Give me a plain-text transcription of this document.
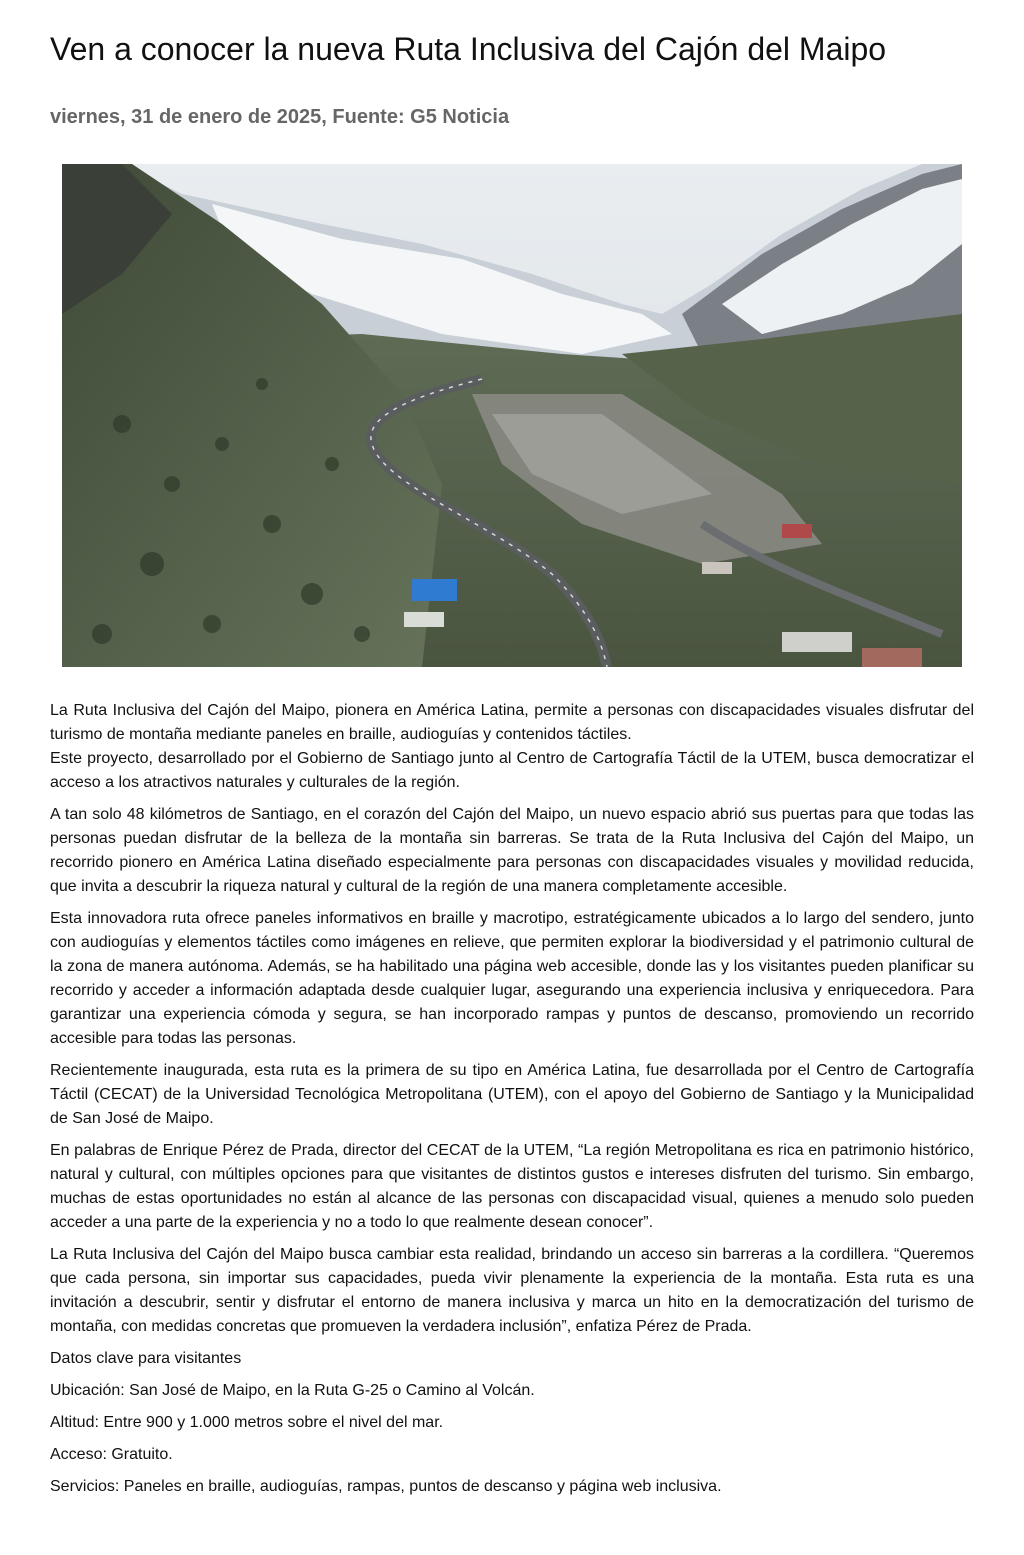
Ven a conocer la nueva Ruta Inclusiva del Cajón del Maipo
viernes, 31 de enero de 2025, Fuente: G5 Noticia

La Ruta Inclusiva del Cajón del Maipo, pionera en América Latina, permite a personas con discapacidades visuales disfrutar del turismo de montaña mediante paneles en braille, audioguías y contenidos táctiles.

Este proyecto, desarrollado por el Gobierno de Santiago junto al Centro de Cartografía Táctil de la UTEM, busca democratizar el acceso a los atractivos naturales y culturales de la región.

A tan solo 48 kilómetros de Santiago, en el corazón del Cajón del Maipo, un nuevo espacio abrió sus puertas para que todas las personas puedan disfrutar de la belleza de la montaña sin barreras. Se trata de la Ruta Inclusiva del Cajón del Maipo, un recorrido pionero en América Latina diseñado especialmente para personas con discapacidades visuales y movilidad reducida, que invita a descubrir la riqueza natural y cultural de la región de una manera completamente accesible.

Esta innovadora ruta ofrece paneles informativos en braille y macrotipo, estratégicamente ubicados a lo largo del sendero, junto con audioguías y elementos táctiles como imágenes en relieve, que permiten explorar la biodiversidad y el patrimonio cultural de la zona de manera autónoma. Además, se ha habilitado una página web accesible, donde las y los visitantes pueden planificar su recorrido y acceder a información adaptada desde cualquier lugar, asegurando una experiencia inclusiva y enriquecedora. Para garantizar una experiencia cómoda y segura, se han incorporado rampas y puntos de descanso, promoviendo un recorrido accesible para todas las personas.

Recientemente inaugurada, esta ruta es la primera de su tipo en América Latina, fue desarrollada por el Centro de Cartografía Táctil (CECAT) de la Universidad Tecnológica Metropolitana (UTEM), con el apoyo del Gobierno de Santiago y la Municipalidad de San José de Maipo.

En palabras de Enrique Pérez de Prada, director del CECAT de la UTEM, “La región Metropolitana es rica en patrimonio histórico, natural y cultural, con múltiples opciones para que visitantes de distintos gustos e intereses disfruten del turismo. Sin embargo, muchas de estas oportunidades no están al alcance de las personas con discapacidad visual, quienes a menudo solo pueden acceder a una parte de la experiencia y no a todo lo que realmente desean conocer”.

La Ruta Inclusiva del Cajón del Maipo busca cambiar esta realidad, brindando un acceso sin barreras a la cordillera. “Queremos que cada persona, sin importar sus capacidades, pueda vivir plenamente la experiencia de la montaña. Esta ruta es una invitación a descubrir, sentir y disfrutar el entorno de manera inclusiva y marca un hito en la democratización del turismo de montaña, con medidas concretas que promueven la verdadera inclusión”, enfatiza Pérez de Prada.

Datos clave para visitantes

Ubicación: San José de Maipo, en la Ruta G-25 o Camino al Volcán.

Altitud: Entre 900 y 1.000 metros sobre el nivel del mar.

Acceso: Gratuito.

Servicios: Paneles en braille, audioguías, rampas, puntos de descanso y página web inclusiva.
